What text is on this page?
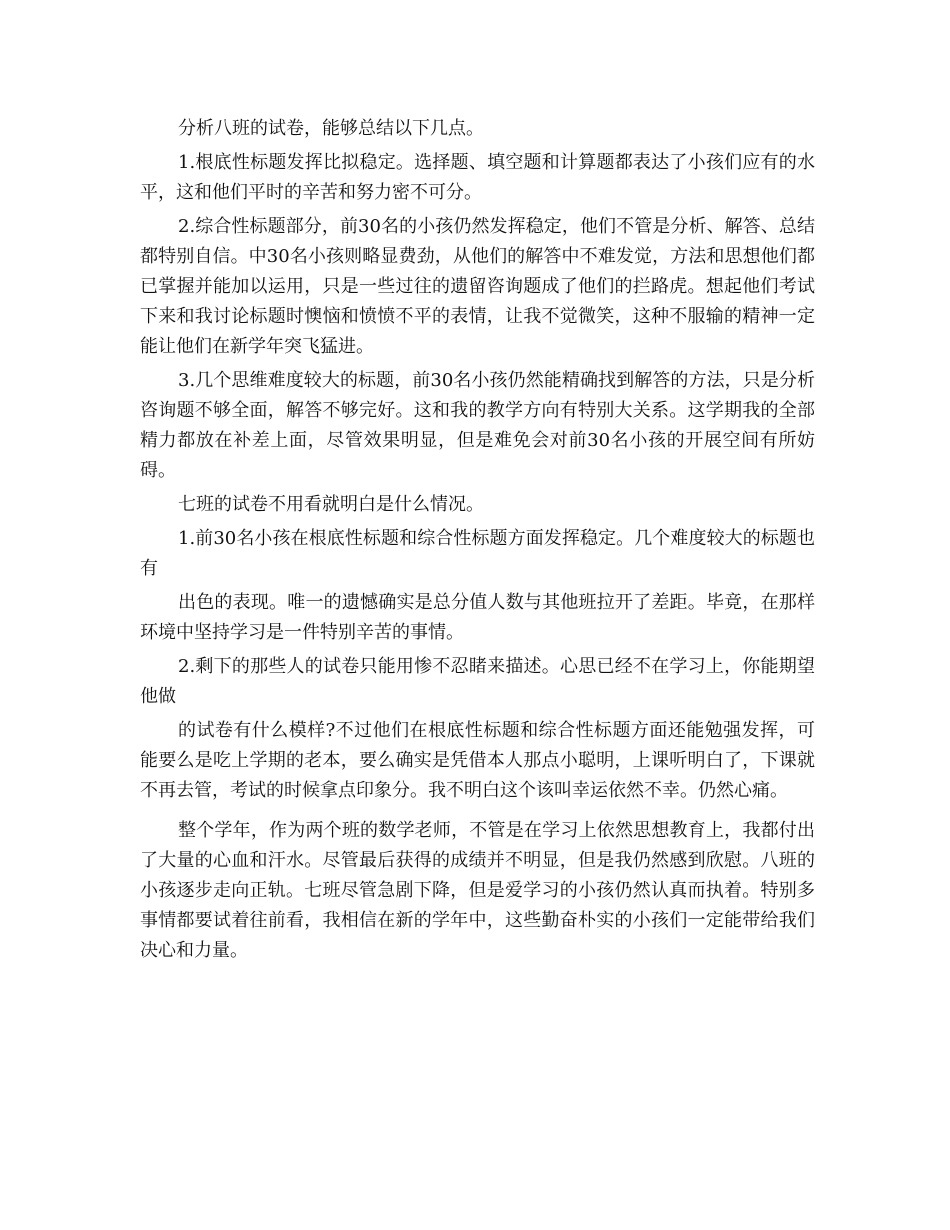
分析八班的试卷，能够总结以下几点。

1.根底性标题发挥比拟稳定。选择题、填空题和计算题都表达了小孩们应有的水平，这和他们平时的辛苦和努力密不可分。

2.综合性标题部分，前30名的小孩仍然发挥稳定，他们不管是分析、解答、总结都特别自信。中30名小孩则略显费劲，从他们的解答中不难发觉，方法和思想他们都已掌握并能加以运用，只是一些过往的遗留咨询题成了他们的拦路虎。想起他们考试下来和我讨论标题时懊恼和愤愤不平的表情，让我不觉微笑，这种不服输的精神一定能让他们在新学年突飞猛进。

3.几个思维难度较大的标题，前30名小孩仍然能精确找到解答的方法，只是分析咨询题不够全面，解答不够完好。这和我的教学方向有特别大关系。这学期我的全部精力都放在补差上面，尽管效果明显，但是难免会对前30名小孩的开展空间有所妨碍。

七班的试卷不用看就明白是什么情况。

1.前30名小孩在根底性标题和综合性标题方面发挥稳定。几个难度较大的标题也有

出色的表现。唯一的遗憾确实是总分值人数与其他班拉开了差距。毕竟，在那样环境中坚持学习是一件特别辛苦的事情。

2.剩下的那些人的试卷只能用惨不忍睹来描述。心思已经不在学习上，你能期望他做

的试卷有什么模样?不过他们在根底性标题和综合性标题方面还能勉强发挥，可能要么是吃上学期的老本，要么确实是凭借本人那点小聪明，上课听明白了，下课就不再去管，考试的时候拿点印象分。我不明白这个该叫幸运依然不幸。仍然心痛。

整个学年，作为两个班的数学老师，不管是在学习上依然思想教育上，我都付出了大量的心血和汗水。尽管最后获得的成绩并不明显，但是我仍然感到欣慰。八班的小孩逐步走向正轨。七班尽管急剧下降，但是爱学习的小孩仍然认真而执着。特别多事情都要试着往前看，我相信在新的学年中，这些勤奋朴实的小孩们一定能带给我们决心和力量。
